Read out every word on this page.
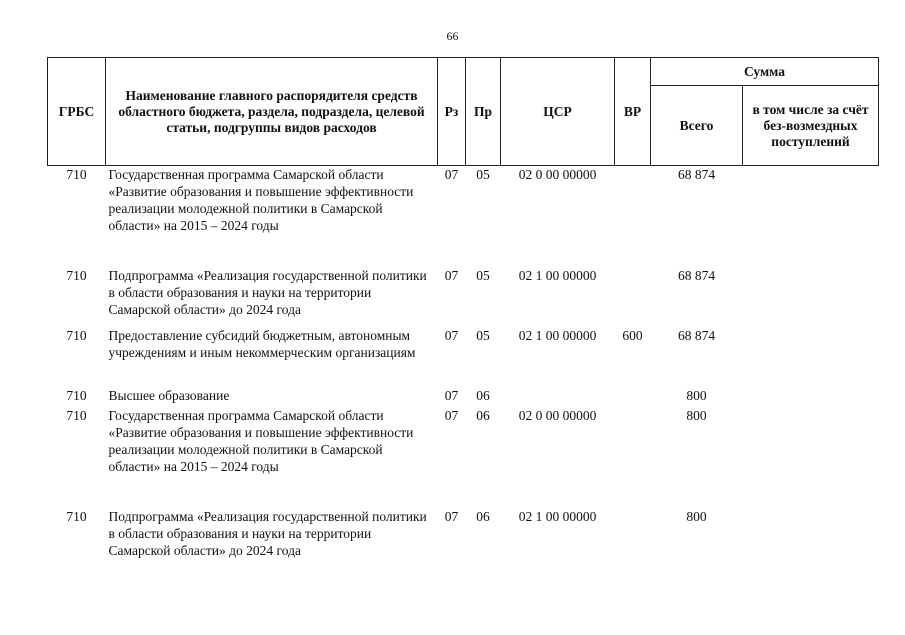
66
ГРБС	Наименование главного распорядителя средств областного бюджета, раздела, подраздела, целевой статьи, подгруппы видов расходов	Рз	Пр	ЦСР	ВР	Сумма	
						Всего	в том числе за счёт без-возмездных поступлений
710	Государственная программа Самарской области «Развитие образования и повышение эффективности реализации молодежной политики в Самарской области» на 2015 – 2024 годы	07	05	02 0 00 00000		68 874	
710	Подпрограмма «Реализация государственной политики в области образования и науки на территории Самарской области» до 2024 года	07	05	02 1 00 00000		68 874	
710	Предоставление субсидий бюджетным, автономным учреждениям и иным некоммерческим организациям	07	05	02 1 00 00000	600	68 874	
710	Высшее образование	07	06			800	
710	Государственная программа Самарской области «Развитие образования и повышение эффективности реализации молодежной политики в Самарской области» на 2015 – 2024 годы	07	06	02 0 00 00000		800	
710	Подпрограмма «Реализация государственной политики в области образования и науки на территории Самарской области» до 2024 года	07	06	02 1 00 00000		800	
